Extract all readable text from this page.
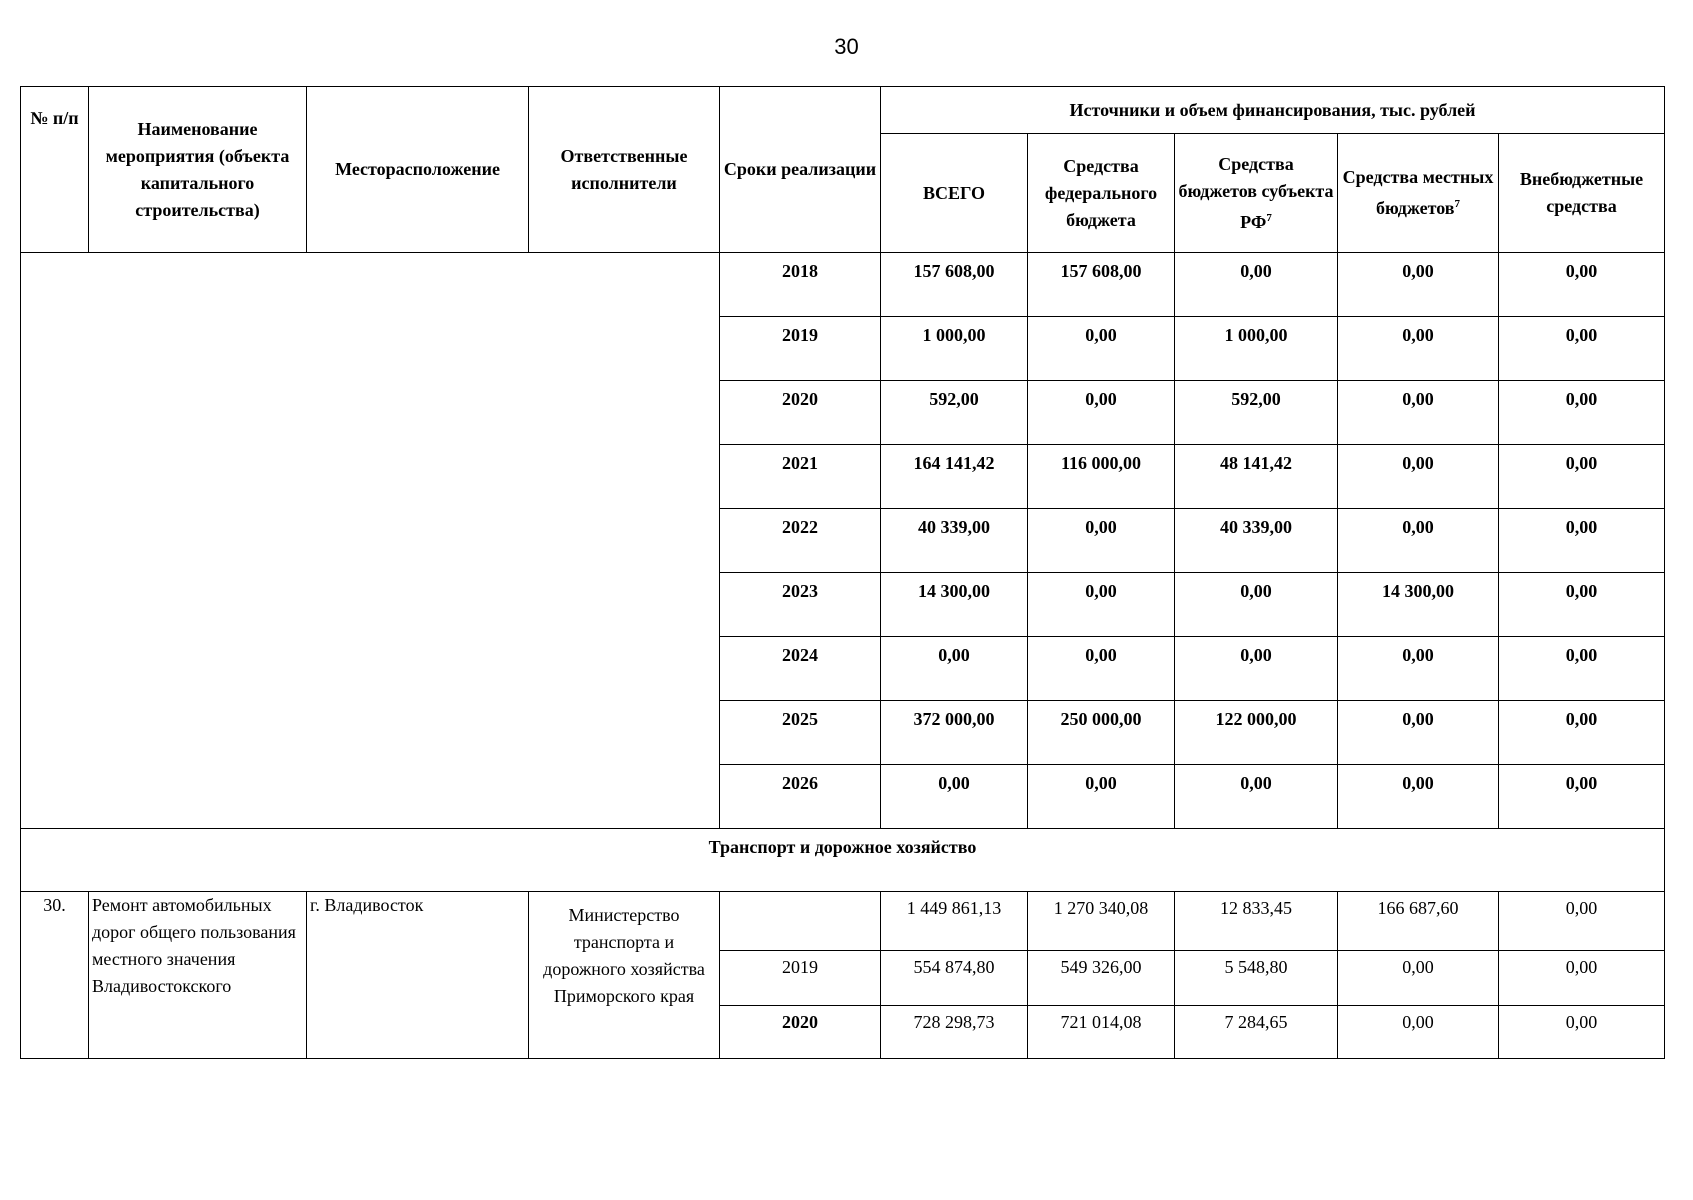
30
№ п/п	Наименование мероприятия (объекта капитального строительства)	Месторасположение	Ответственные исполнители	Сроки реализации	Источники и объем финансирования, тыс. рублей				
					ВСЕГО	Средства федерального бюджета	Средства бюджетов субъекта $РФ^7$	Средства местных бюджетов$^7$	Внебюджетные средства
				2018	157 608,00	157 608,00	0,00	0,00	0,00
				2019	1 000,00	0,00	1 000,00	0,00	0,00
				2020	592,00	0,00	592,00	0,00	0,00
				2021	164 141,42	116 000,00	48 141,42	0,00	0,00
				2022	40 339,00	0,00	40 339,00	0,00	0,00
				2023	14 300,00	0,00	0,00	14 300,00	0,00
				2024	0,00	0,00	0,00	0,00	0,00
				2025	372 000,00	250 000,00	122 000,00	0,00	0,00
				2026	0,00	0,00	0,00	0,00	0,00
Транспорт и дорожное хозяйство									
30.	Ремонт автомобильных дорог общего пользования местного значения Владивостокского	г. Владивосток	Министерство транспорта и дорожного хозяйства Приморского края		1 449 861,13	1 270 340,08	12 833,45	166 687,60	0,00
				2019	554 874,80	549 326,00	5 548,80	0,00	0,00
				2020	728 298,73	721 014,08	7 284,65	0,00	0,00
